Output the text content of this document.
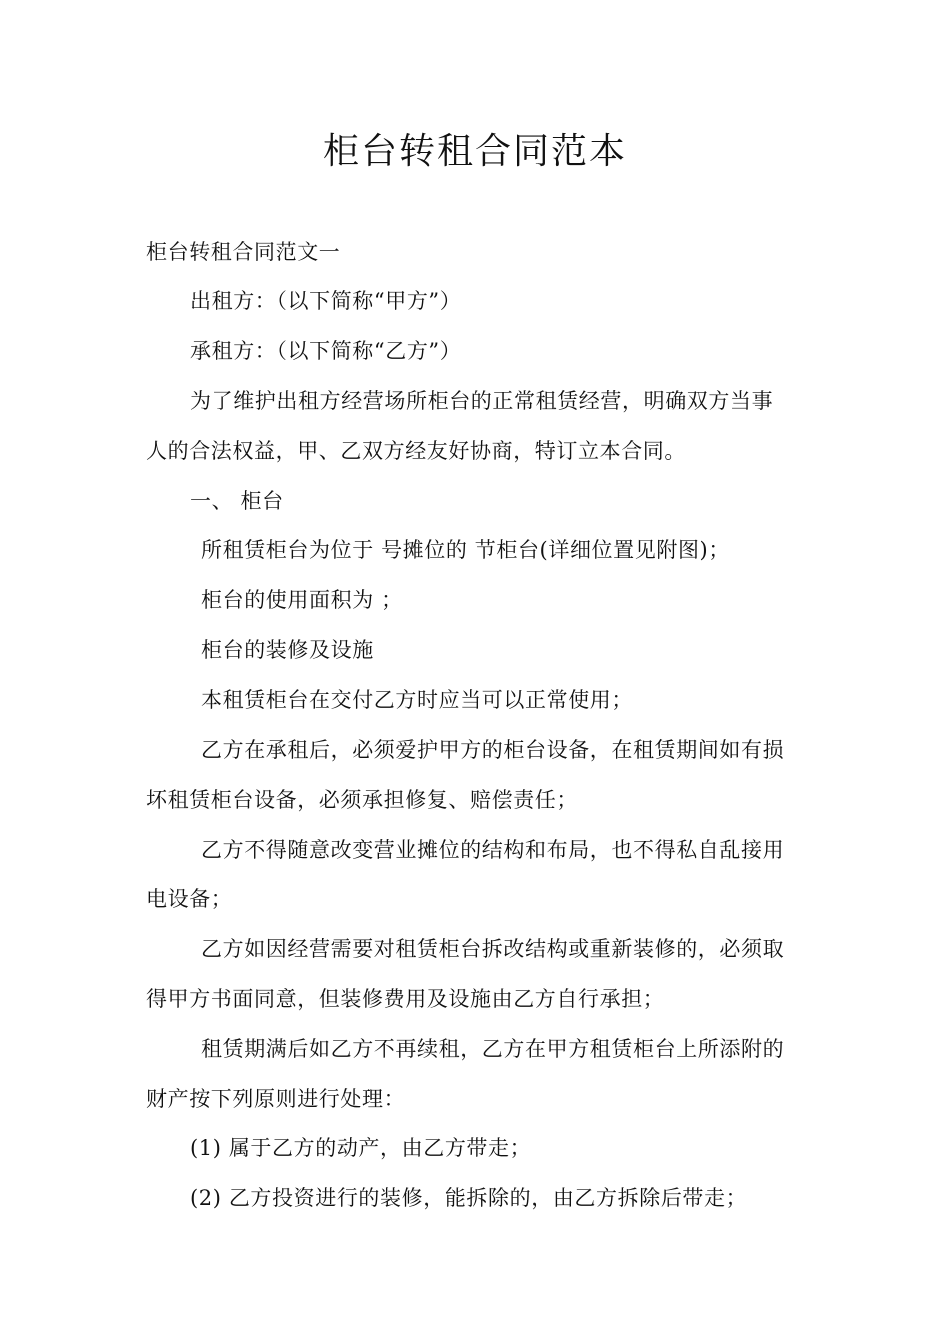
柜台转租合同范本
柜台转租合同范文一
出租方：（以下简称“甲方”）
承租方：（以下简称“乙方”）
为了维护出租方经营场所柜台的正常租赁经营，明确双方当事
人的合法权益，甲、乙双方经友好协商，特订立本合同。
一、 柜台
所租赁柜台为位于 号摊位的 节柜台(详细位置见附图)；
柜台的使用面积为 ；
柜台的装修及设施
本租赁柜台在交付乙方时应当可以正常使用；
乙方在承租后，必须爱护甲方的柜台设备，在租赁期间如有损
坏租赁柜台设备，必须承担修复、赔偿责任；
乙方不得随意改变营业摊位的结构和布局，也不得私自乱接用
电设备；
乙方如因经营需要对租赁柜台拆改结构或重新装修的，必须取
得甲方书面同意，但装修费用及设施由乙方自行承担；
租赁期满后如乙方不再续租，乙方在甲方租赁柜台上所添附的
财产按下列原则进行处理：
(1) 属于乙方的动产，由乙方带走；
(2) 乙方投资进行的装修，能拆除的，由乙方拆除后带走；
